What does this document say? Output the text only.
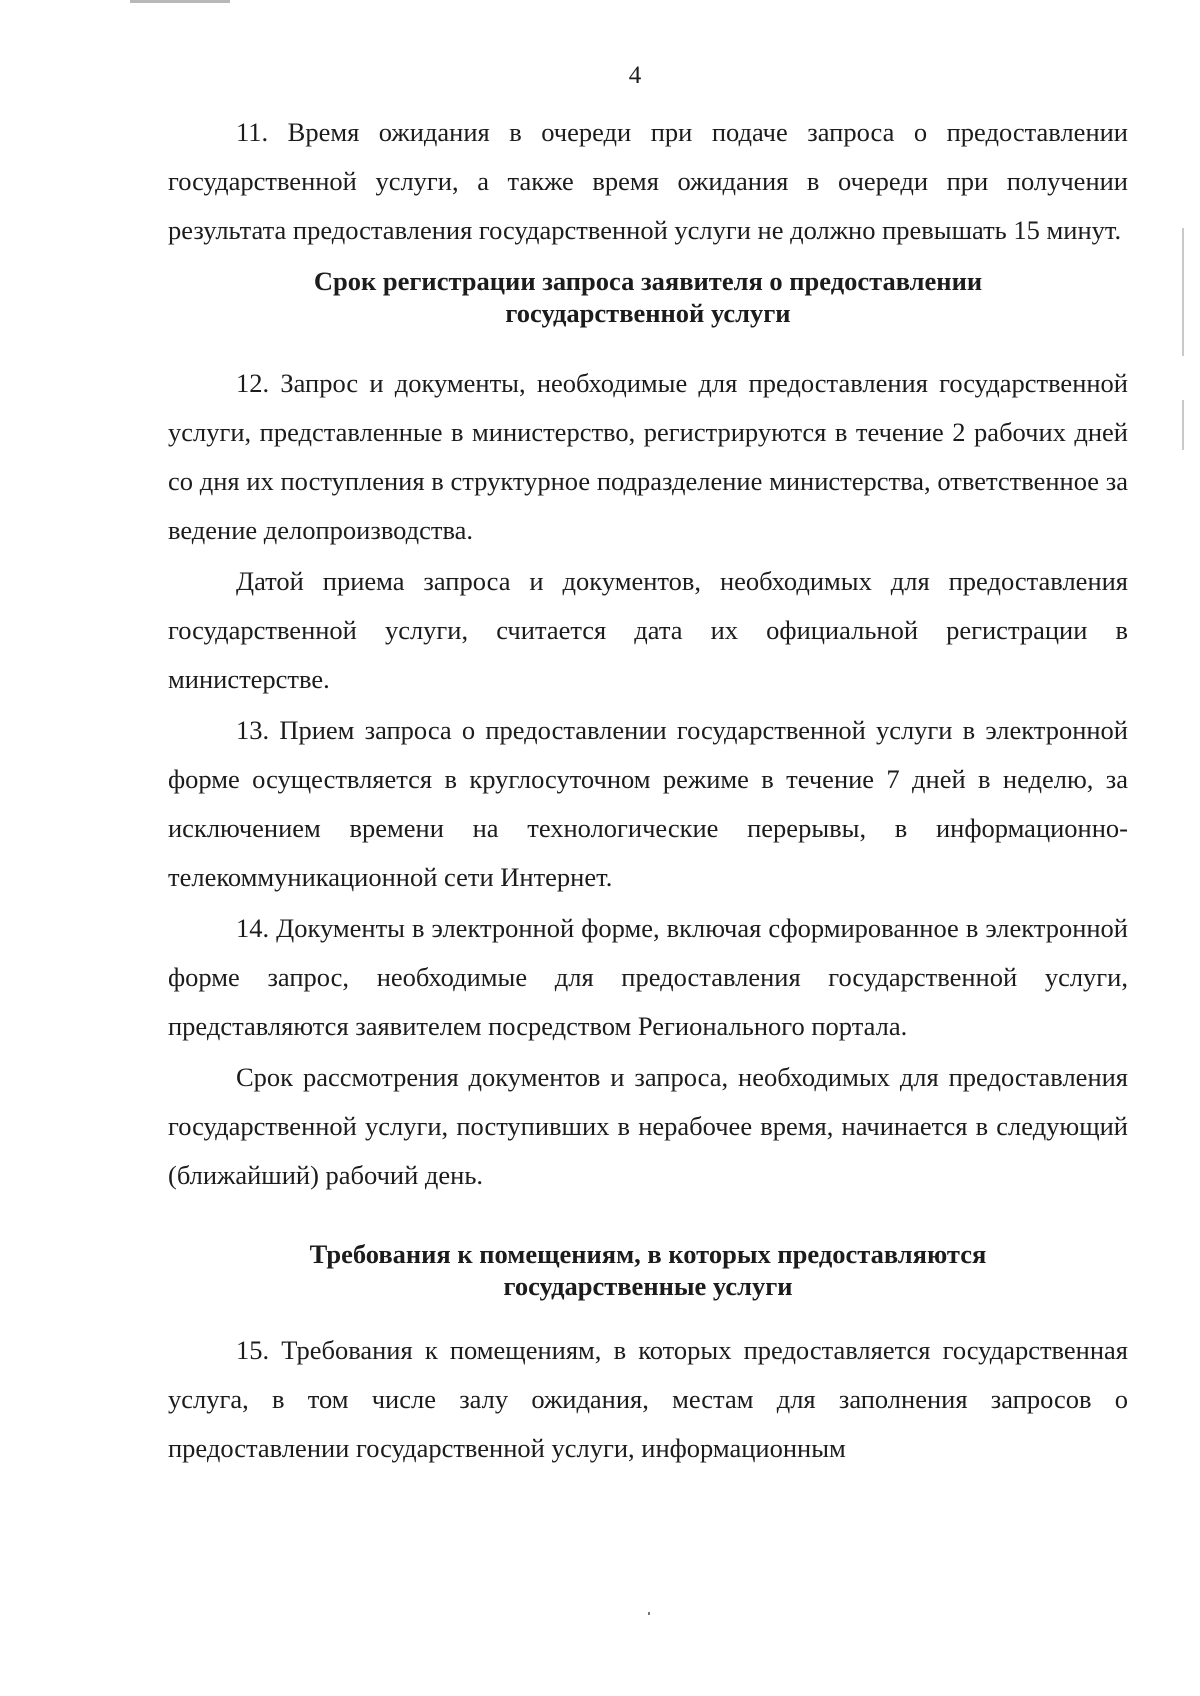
4

11. Время ожидания в очереди при подаче запроса о предоставлении государственной услуги, а также время ожидания в очереди при получении результата предоставления государственной услуги не должно превышать 15 минут.

Срок регистрации запроса заявителя о предоставлении
государственной услуги

12. Запрос и документы, необходимые для предоставления государственной услуги, представленные в министерство, регистрируются в течение 2 рабочих дней со дня их поступления в структурное подразделение министерства, ответственное за ведение делопроизводства.

Датой приема запроса и документов, необходимых для предоставления государственной услуги, считается дата их официальной регистрации в министерстве.

13. Прием запроса о предоставлении государственной услуги в электронной форме осуществляется в круглосуточном режиме в течение 7 дней в неделю, за исключением времени на технологические перерывы, в информационно-телекоммуникационной сети Интернет.

14. Документы в электронной форме, включая сформированное в электронной форме запрос, необходимые для предоставления государственной услуги, представляются заявителем посредством Регионального портала.

Срок рассмотрения документов и запроса, необходимых для предоставления государственной услуги, поступивших в нерабочее время, начинается в следующий (ближайший) рабочий день.

Требования к помещениям, в которых предоставляются
государственные услуги

15. Требования к помещениям, в которых предоставляется государственная услуга, в том числе залу ожидания, местам для заполнения запросов о предоставлении государственной услуги, информационным
